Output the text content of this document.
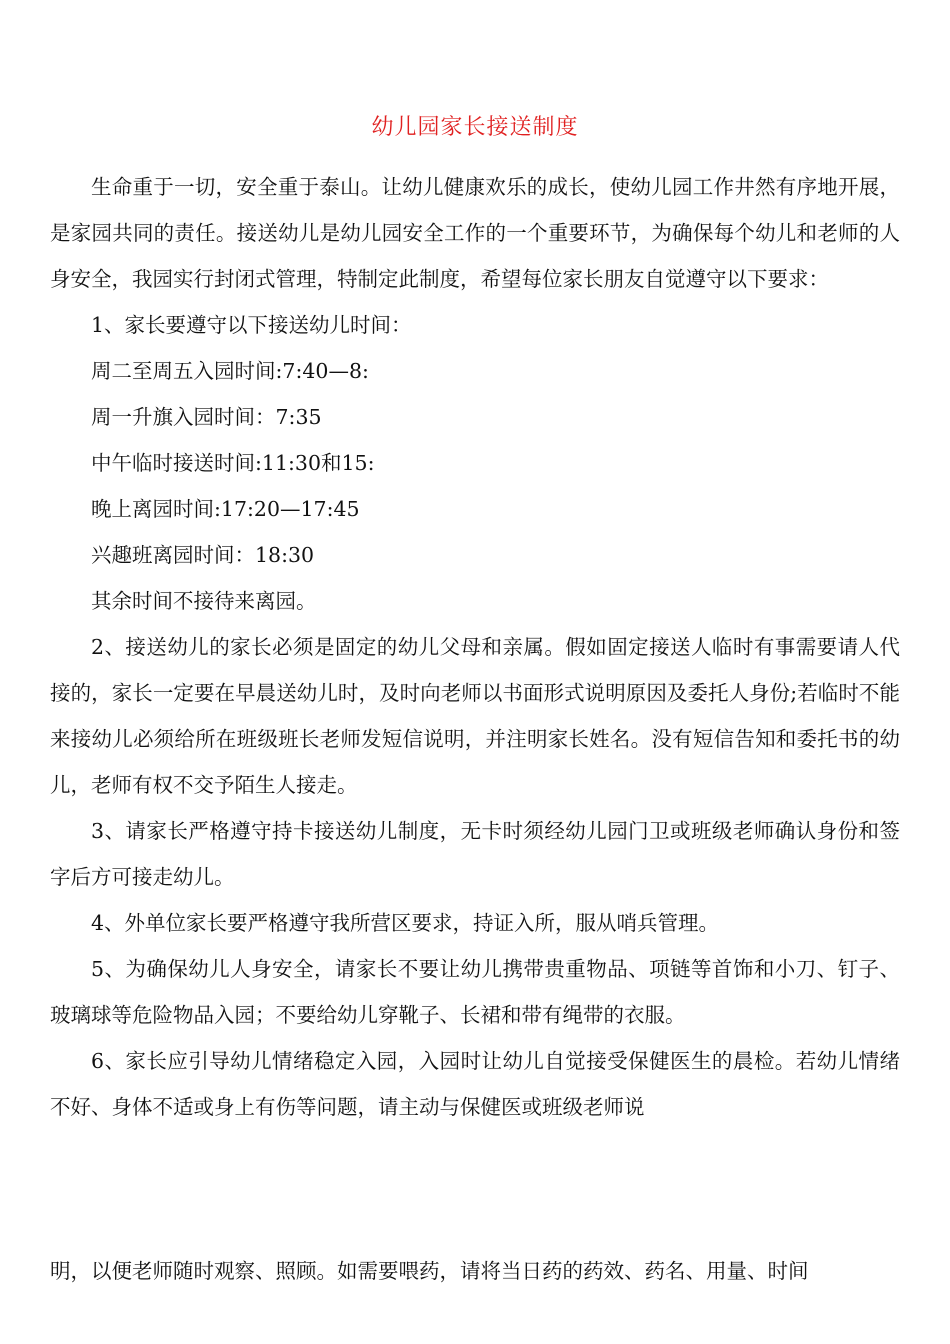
幼儿园家长接送制度

生命重于一切，安全重于泰山。让幼儿健康欢乐的成长，使幼儿园工作井然有序地开展，是家园共同的责任。接送幼儿是幼儿园安全工作的一个重要环节，为确保每个幼儿和老师的人身安全，我园实行封闭式管理，特制定此制度，希望每位家长朋友自觉遵守以下要求：

1、家长要遵守以下接送幼儿时间：

周二至周五入园时间:7:40—8:

周一升旗入园时间：7:35

中午临时接送时间:11:30和15:

晚上离园时间:17:20—17:45

兴趣班离园时间：18:30

其余时间不接待来离园。

2、接送幼儿的家长必须是固定的幼儿父母和亲属。假如固定接送人临时有事需要请人代接的，家长一定要在早晨送幼儿时，及时向老师以书面形式说明原因及委托人身份;若临时不能来接幼儿必须给所在班级班长老师发短信说明，并注明家长姓名。没有短信告知和委托书的幼儿，老师有权不交予陌生人接走。

3、请家长严格遵守持卡接送幼儿制度，无卡时须经幼儿园门卫或班级老师确认身份和签字后方可接走幼儿。

4、外单位家长要严格遵守我所营区要求，持证入所，服从哨兵管理。

5、为确保幼儿人身安全，请家长不要让幼儿携带贵重物品、项链等首饰和小刀、钉子、玻璃球等危险物品入园；不要给幼儿穿靴子、长裙和带有绳带的衣服。

6、家长应引导幼儿情绪稳定入园，入园时让幼儿自觉接受保健医生的晨检。若幼儿情绪不好、身体不适或身上有伤等问题，请主动与保健医或班级老师说

明，以便老师随时观察、照顾。如需要喂药，请将当日药的药效、药名、用量、时间
